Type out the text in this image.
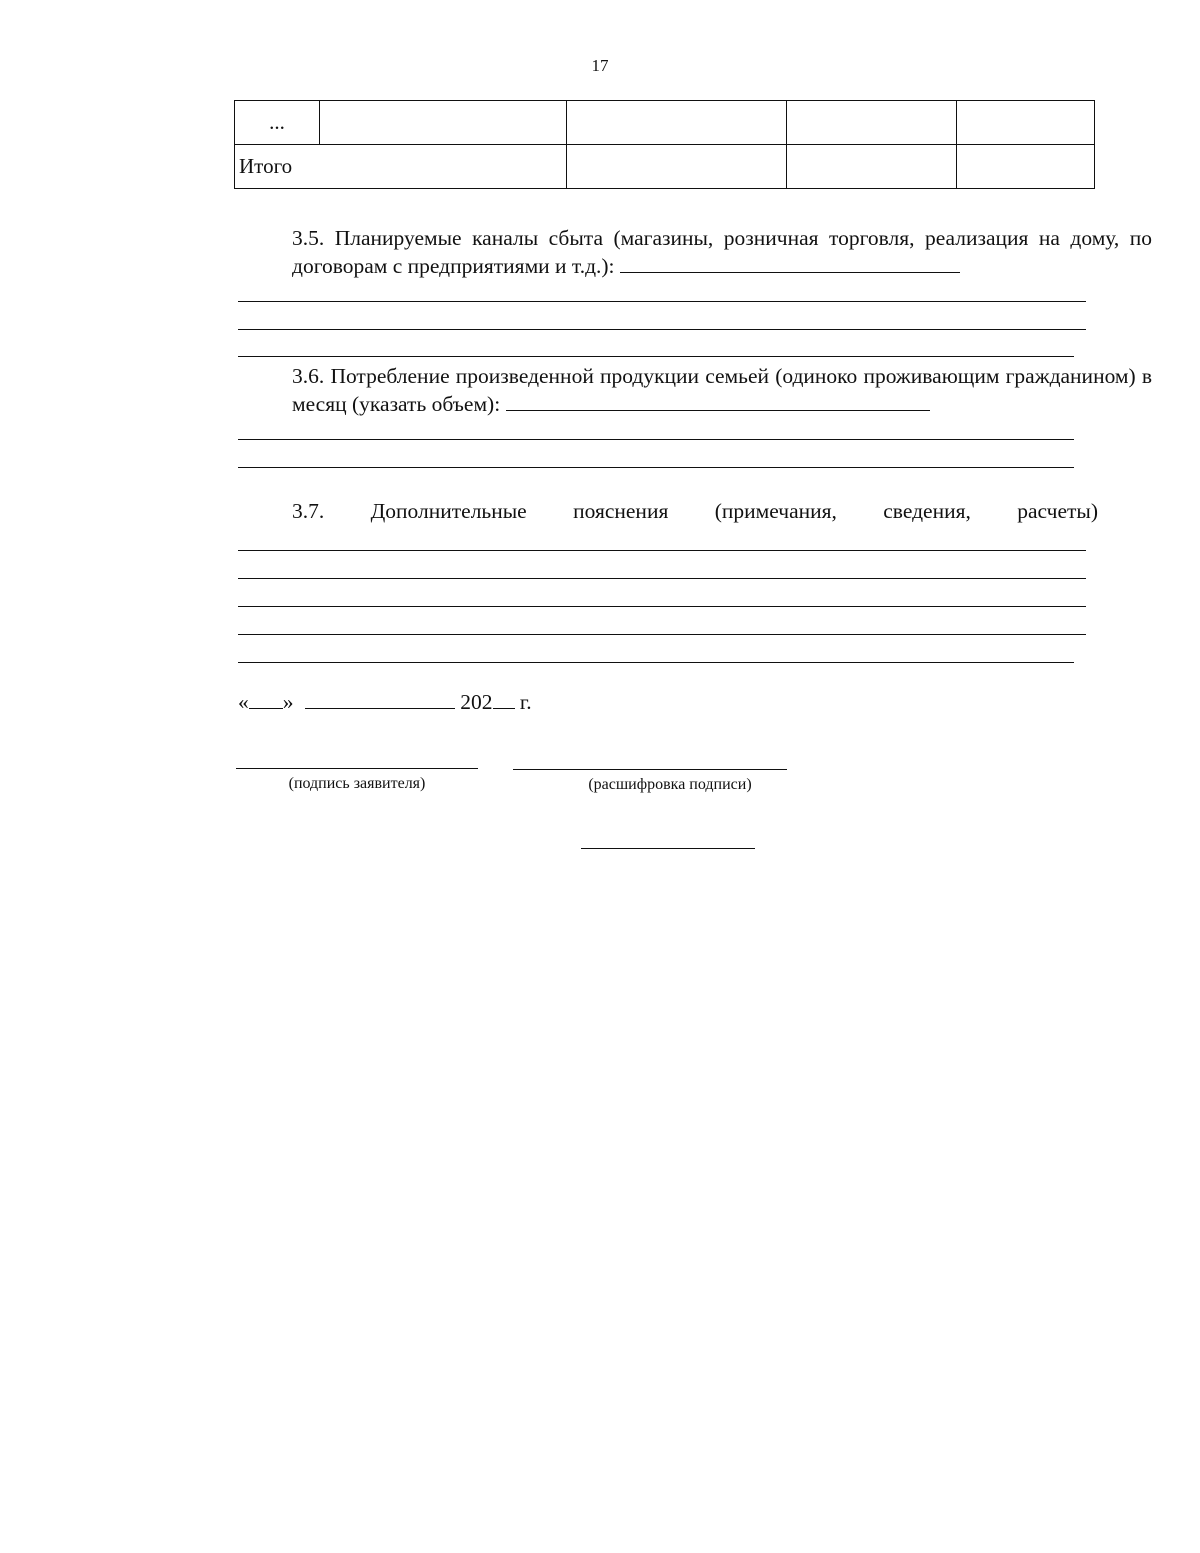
17
...				
Итого				
3.5. Планируемые каналы сбыта (магазины, розничная торговля, реализация на дому, по договорам с предприятиями и т.д.):
3.6. Потребление произведенной продукции семьей (одиноко проживающим гражданином) в месяц (указать объем):
3.7. Дополнительные пояснения (примечания, сведения, расчеты)
« »	202 г.
(подпись заявителя)	(расшифровка подписи)
